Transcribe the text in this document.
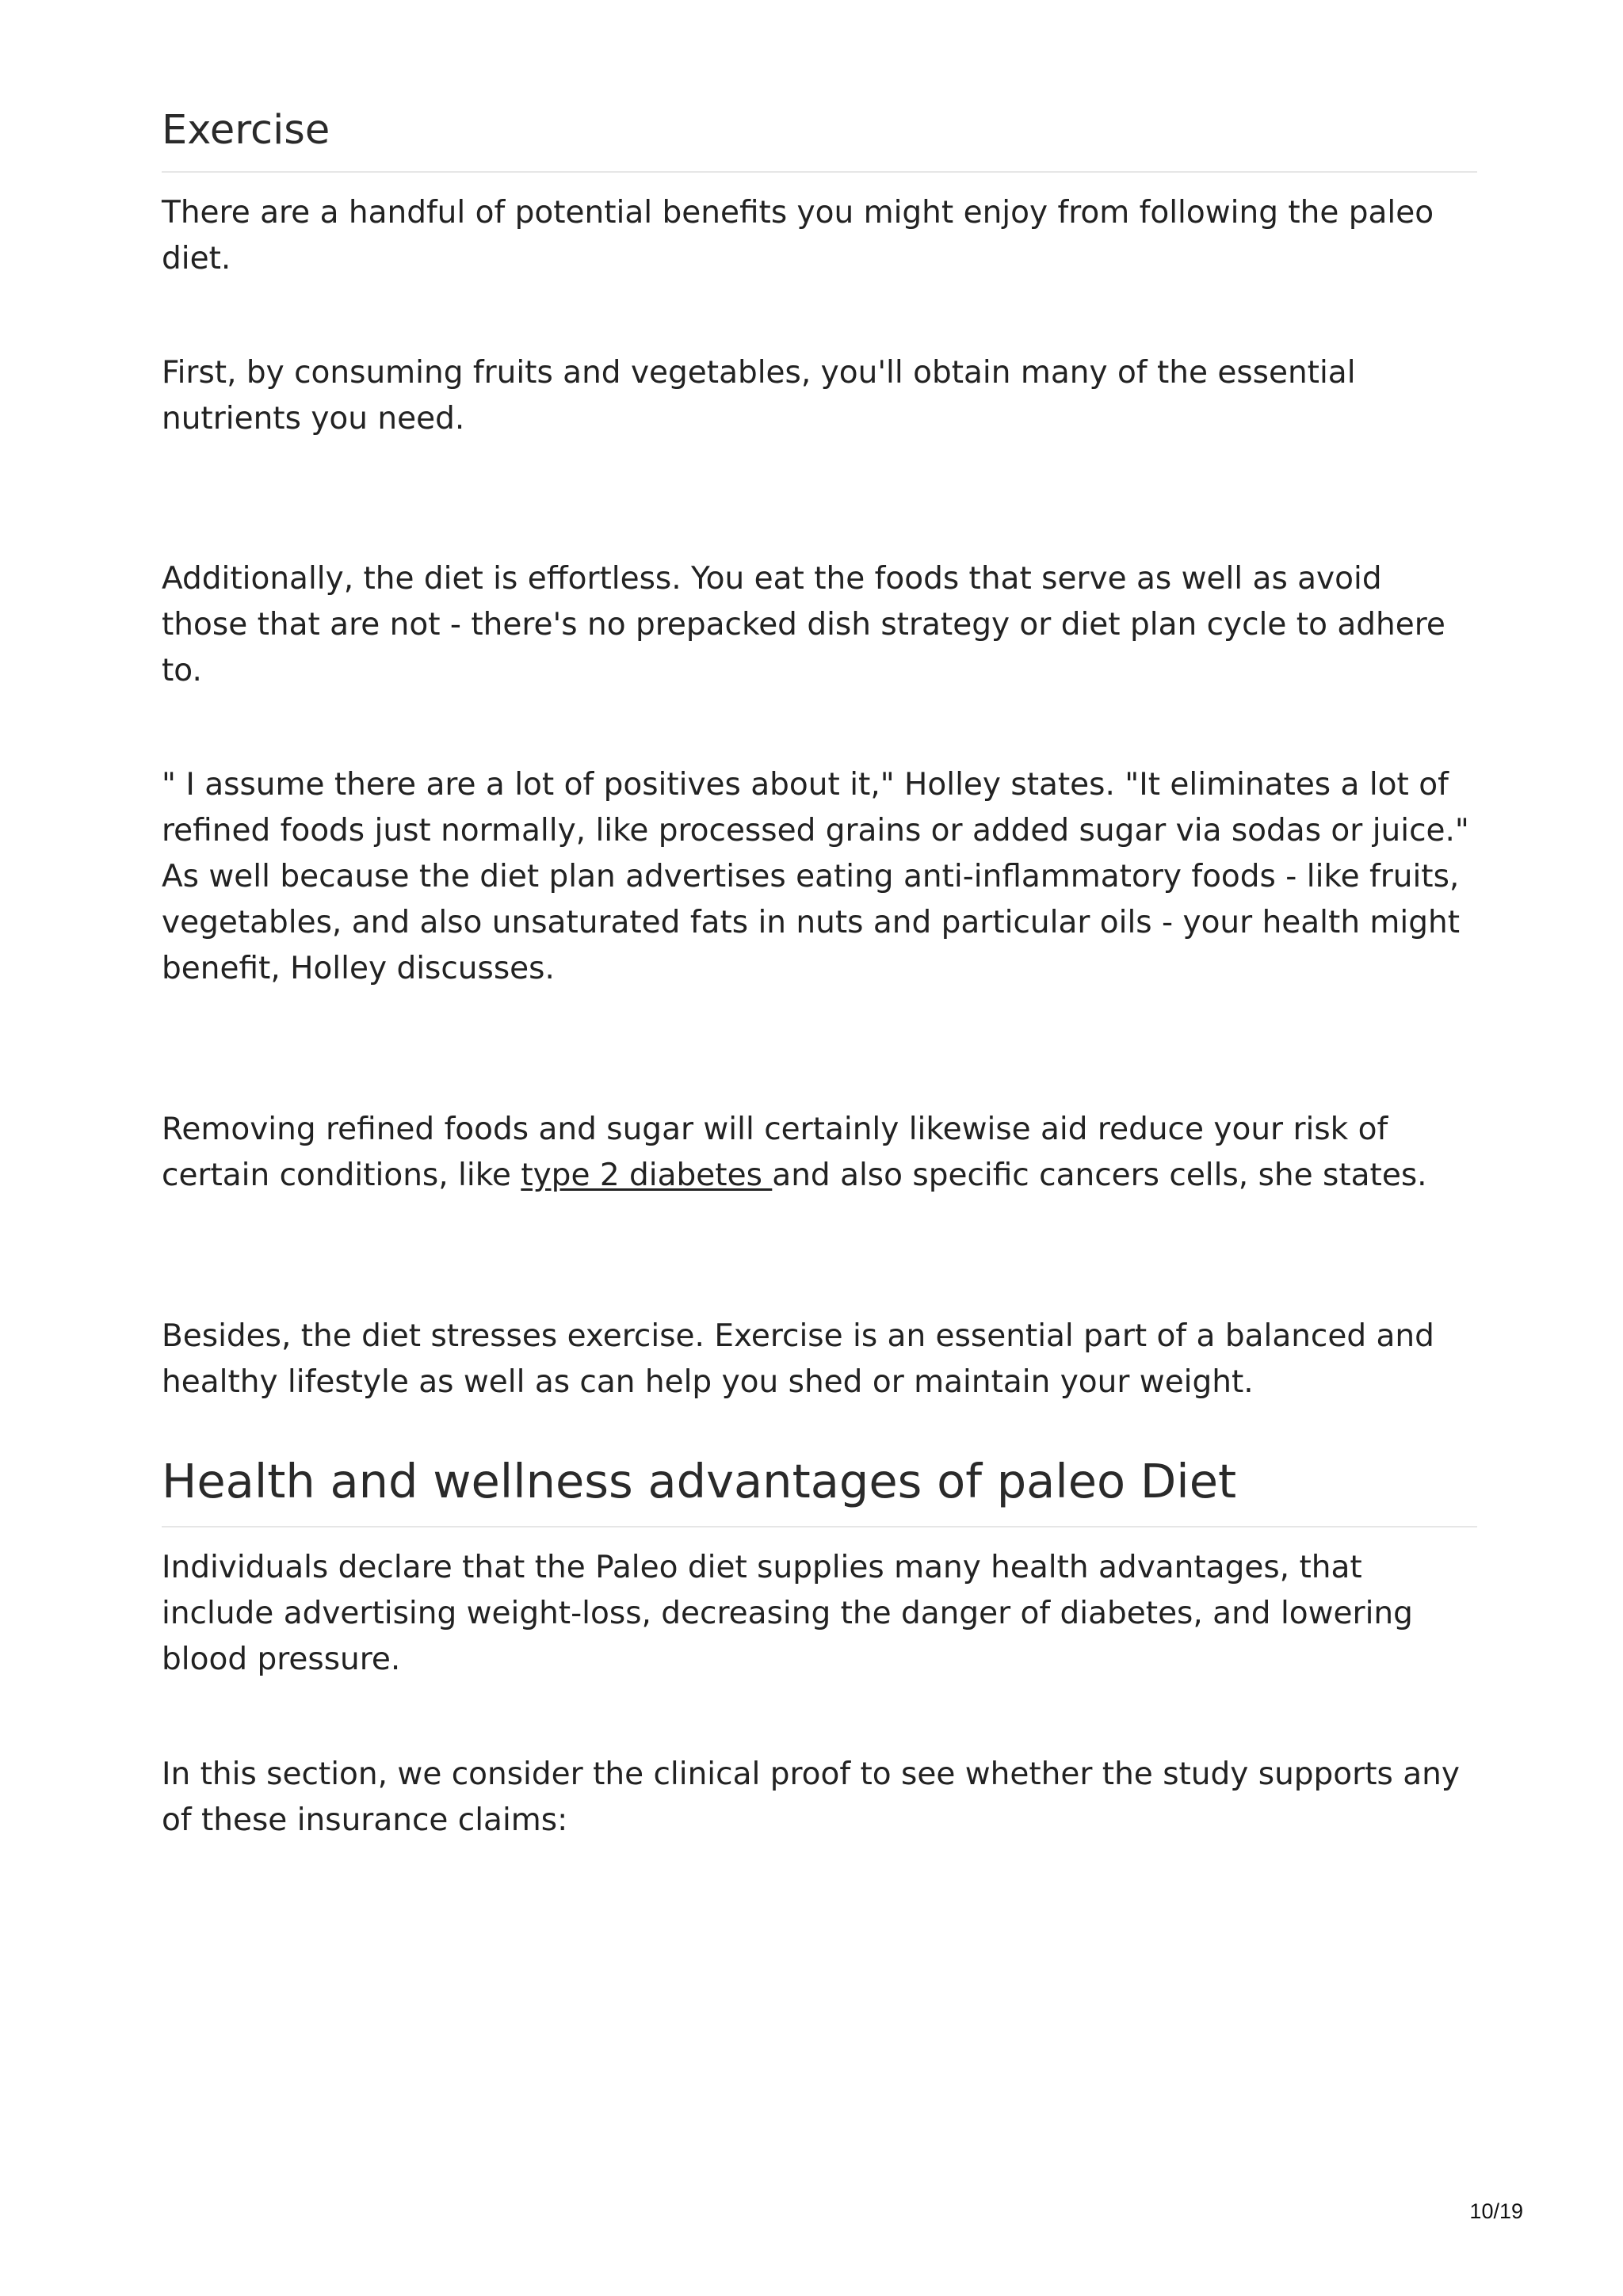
Exercise

There are a handful of potential benefits you might enjoy from following the paleo diet.

First, by consuming fruits and vegetables, you'll obtain many of the essential nutrients you need.

Additionally, the diet is effortless. You eat the foods that serve as well as avoid those that are not - there's no prepacked dish strategy or diet plan cycle to adhere to.

" I assume there are a lot of positives about it," Holley states. "It eliminates a lot of refined foods just normally, like processed grains or added sugar via sodas or juice." As well because the diet plan advertises eating anti-inflammatory foods - like fruits, vegetables, and also unsaturated fats in nuts and particular oils - your health might benefit, Holley discusses.

Removing refined foods and sugar will certainly likewise aid reduce your risk of certain conditions, like type 2 diabetes and also specific cancers cells, she states.

Besides, the diet stresses exercise. Exercise is an essential part of a balanced and healthy lifestyle as well as can help you shed or maintain your weight.

Health and wellness advantages of paleo Diet

Individuals declare that the Paleo diet supplies many health advantages, that include advertising weight-loss, decreasing the danger of diabetes, and lowering blood pressure.

In this section, we consider the clinical proof to see whether the study supports any of these insurance claims:

10/19
